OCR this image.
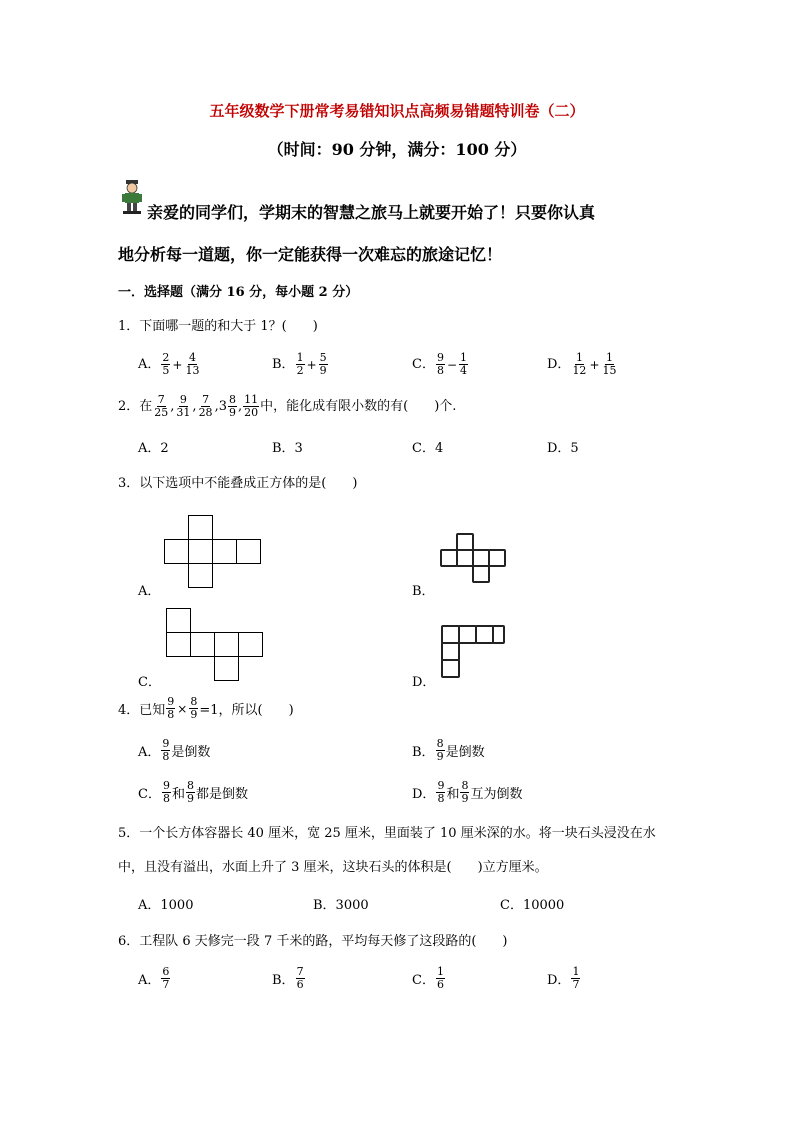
五年级数学下册常考易错知识点高频易错题特训卷（二）
（时间：90 分钟，满分：100 分）
亲爱的同学们，学期末的智慧之旅马上就要开始了！只要你认真
地分析每一道题，你一定能获得一次难忘的旅途记忆！
一．选择题（满分 16 分，每小题 2 分）
1．下面哪一题的和大于 1？(　　)
A． $\frac{2}{5} + \frac{4}{13}$	B． $\frac{1}{2} + \frac{5}{9}$	C． $\frac{9}{8} - \frac{1}{4}$	D． $\frac{1}{12} + \frac{1}{15}$
2．在 $\frac{7}{25}$ , $\frac{9}{31}$ , $\frac{7}{28} ,3 \frac{8}{9}$ , $\frac{11}{20}$ 中，能化成有限小数的有(　　)个.
A．2	B．3	C．4	D．5
3．以下选项中不能叠成正方体的是(　　)
A．	B．
C．	D．
4．已知 $\frac{9}{8} \times \frac{8}{9} =1$，所以(　　)
A． $\frac{9}{8}$ 是倒数	B． $\frac{8}{9}$ 是倒数
C． $\frac{9}{8}$ 和 $\frac{8}{9}$ 都是倒数	D． $\frac{9}{8}$ 和 $\frac{8}{9}$ 互为倒数
5．一个长方体容器长 40 厘米，宽 25 厘米，里面装了 10 厘米深的水。将一块石头浸没在水
中，且没有溢出，水面上升了 3 厘米，这块石头的体积是(　　)立方厘米。
A．1000	B．3000	C．10000
6．工程队 6 天修完一段 7 千米的路，平均每天修了这段路的(　　)
A． $\frac{6}{7}$	B． $\frac{7}{6}$	C． $\frac{1}{6}$	D． $\frac{1}{7}$
